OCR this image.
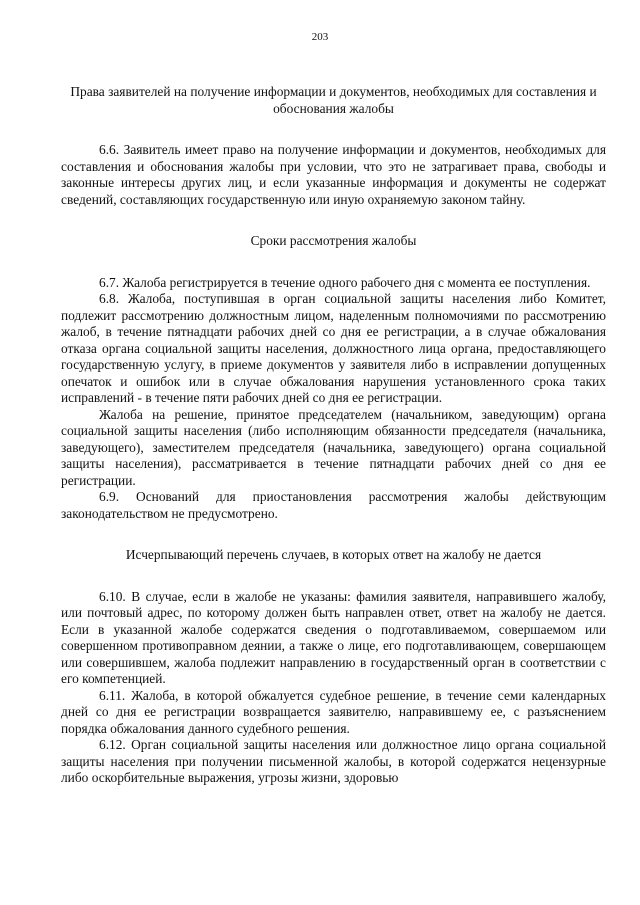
203

Права заявителей на получение информации и документов, необходимых для составления и обоснования жалобы

6.6. Заявитель имеет право на получение информации и документов, необходимых для составления и обоснования жалобы при условии, что это не затрагивает права, свободы и законные интересы других лиц, и если указанные информация и документы не содержат сведений, составляющих государственную или иную охраняемую законом тайну.

Сроки рассмотрения жалобы

6.7. Жалоба регистрируется в течение одного рабочего дня с момента ее поступления.

6.8. Жалоба, поступившая в орган социальной защиты населения либо Комитет, подлежит рассмотрению должностным лицом, наделенным полномочиями по рассмотрению жалоб, в течение пятнадцати рабочих дней со дня ее регистрации, а в случае обжалования отказа органа социальной защиты населения, должностного лица органа, предоставляющего государственную услугу, в приеме документов у заявителя либо в исправлении допущенных опечаток и ошибок или в случае обжалования нарушения установленного срока таких исправлений - в течение пяти рабочих дней со дня ее регистрации.

Жалоба на решение, принятое председателем (начальником, заведующим) органа социальной защиты населения (либо исполняющим обязанности председателя (начальника, заведующего), заместителем председателя (начальника, заведующего) органа социальной защиты населения), рассматривается в течение пятнадцати рабочих дней со дня ее регистрации.

6.9. Оснований для приостановления рассмотрения жалобы действующим законодательством не предусмотрено.

Исчерпывающий перечень случаев, в которых ответ на жалобу не дается

6.10. В случае, если в жалобе не указаны: фамилия заявителя, направившего жалобу, или почтовый адрес, по которому должен быть направлен ответ, ответ на жалобу не дается. Если в указанной жалобе содержатся сведения о подготавливаемом, совершаемом или совершенном противоправном деянии, а также о лице, его подготавливающем, совершающем или совершившем, жалоба подлежит направлению в государственный орган в соответствии с его компетенцией.

6.11. Жалоба, в которой обжалуется судебное решение, в течение семи календарных дней со дня ее регистрации возвращается заявителю, направившему ее, с разъяснением порядка обжалования данного судебного решения.

6.12. Орган социальной защиты населения или должностное лицо органа социальной защиты населения при получении письменной жалобы, в которой содержатся нецензурные либо оскорбительные выражения, угрозы жизни, здоровью
